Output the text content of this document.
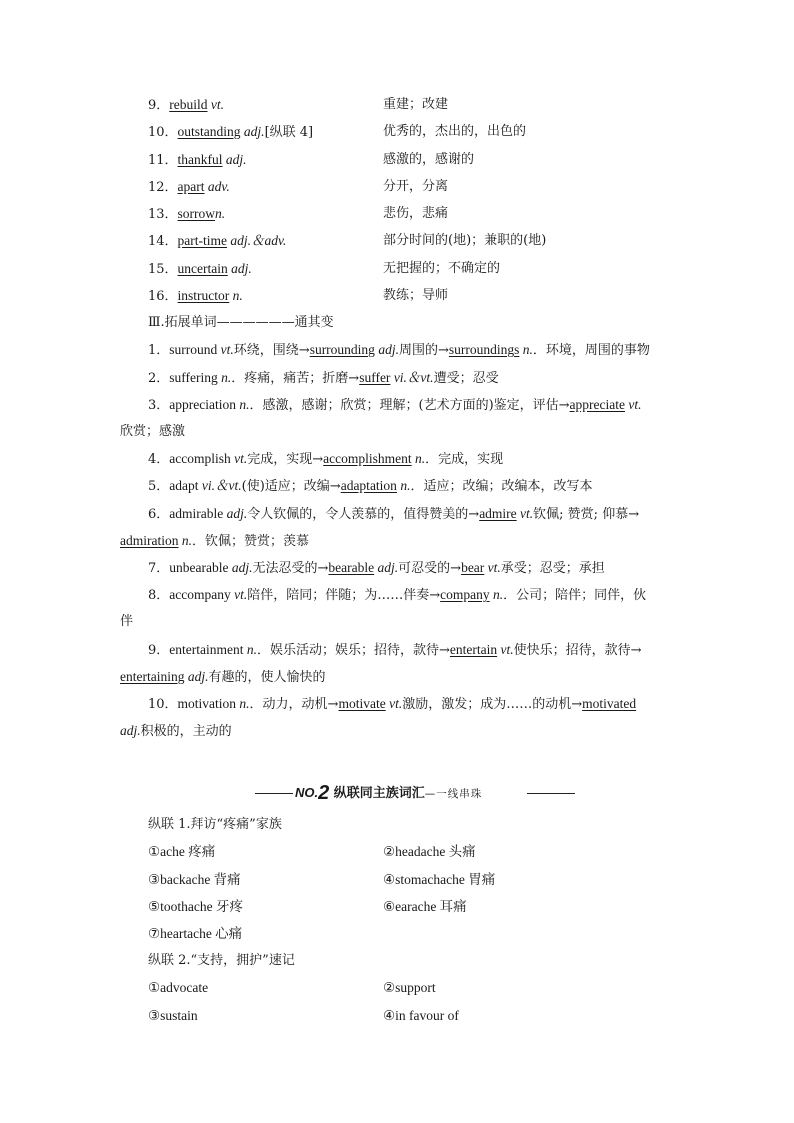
9．rebuild vt.	重建；改建
10．outstanding adj.[纵联 4]	优秀的，杰出的，出色的
11．thankful adj.	感激的，感谢的
12．apart adv.	分开，分离
13．sorrown.	悲伤，悲痛
14．part-time adj.＆adv.	部分时间的(地)；兼职的(地)
15．uncertain adj.	无把握的；不确定的
16．instructor n.	教练；导师
Ⅲ.拓展单词——————通其变
1．surround vt.环绕，围绕→surrounding adj.周围的→surroundings n.．环境，周围的事物
2．suffering n.．疼痛，痛苦；折磨→suffer vi.＆vt.遭受；忍受
3．appreciation n.．感激，感谢；欣赏；理解；(艺术方面的)鉴定，评估→appreciate vt.
欣赏；感激
4．accomplish vt.完成，实现→accomplishment n.．完成，实现
5．adapt vi.＆vt.(使)适应；改编→adaptation n.．适应；改编；改编本，改写本
6．admirable adj.令人钦佩的，令人羡慕的，值得赞美的→admire vt.钦佩; 赞赏; 仰慕→
admiration n.．钦佩；赞赏；羡慕
7．unbearable adj.无法忍受的→bearable adj.可忍受的→bear vt.承受；忍受；承担
8．accompany vt.陪伴，陪同；伴随；为……伴奏→company n.．公司；陪伴；同伴，伙
伴
9．entertainment n.．娱乐活动；娱乐；招待，款待→entertain vt.使快乐；招待，款待→
entertaining adj.有趣的，使人愉快的
10．motivation n.．动力，动机→motivate vt.激励，激发；成为……的动机→motivated
adj.积极的，主动的
NO.2 纵联同主族词汇—一线串珠
纵联 1.拜访“疼痛”家族
①ache 疼痛	②headache 头痛
③backache 背痛	④stomachache 胃痛
⑤toothache 牙疼	⑥earache 耳痛
⑦heartache 心痛
纵联 2.“支持，拥护”速记
①advocate	②support
③sustain	④in favour of
